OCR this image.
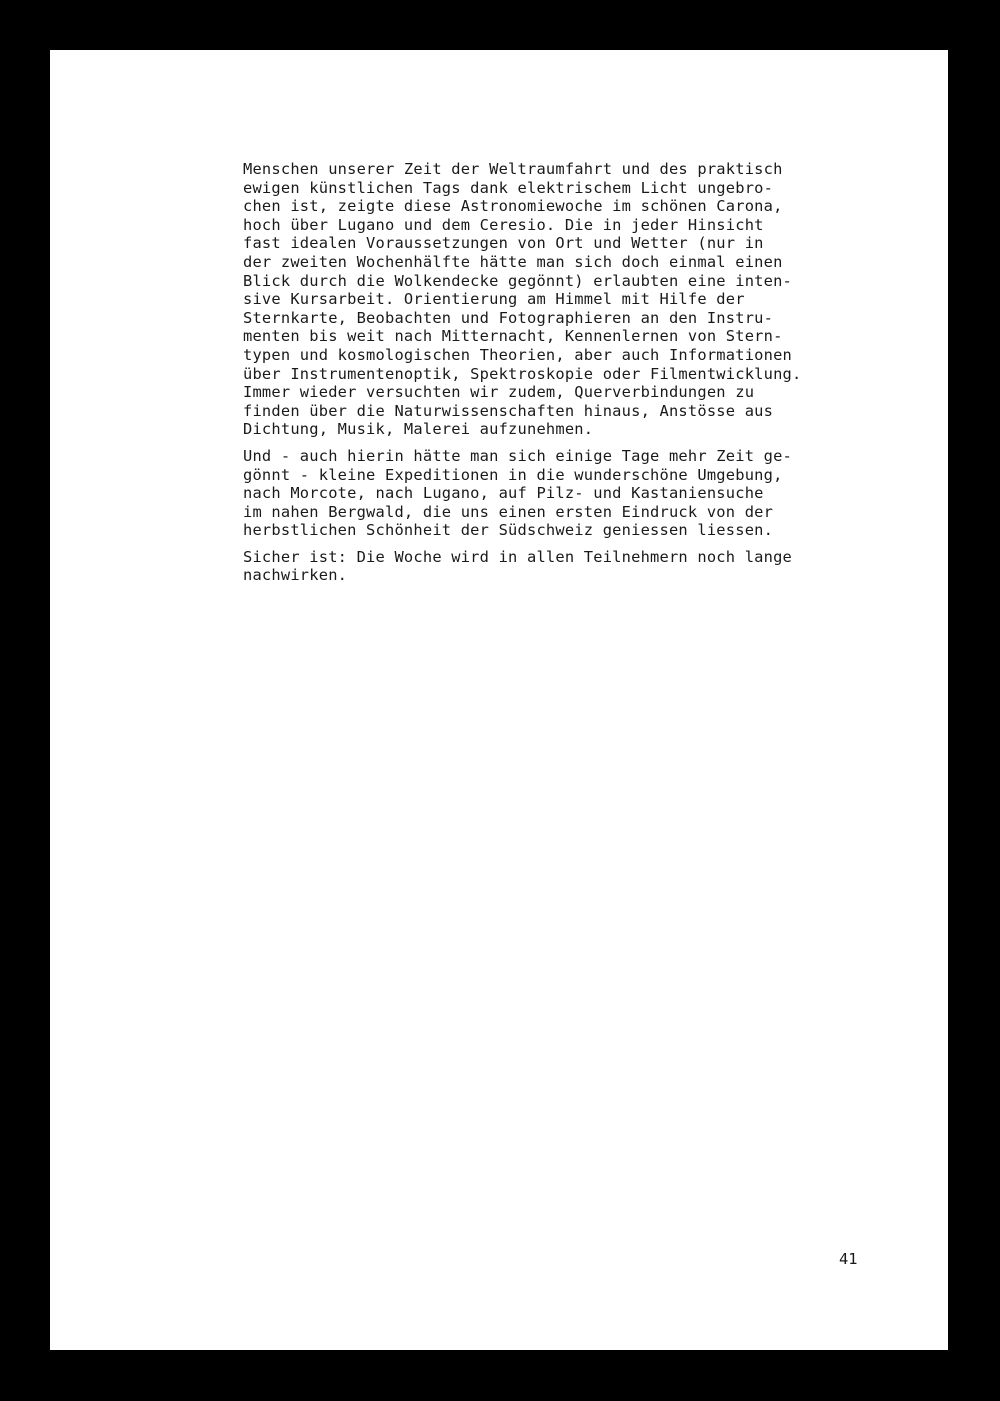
Menschen unserer Zeit der Weltraumfahrt und des praktisch
ewigen künstlichen Tags dank elektrischem Licht ungebro-
chen ist, zeigte diese Astronomiewoche im schönen Carona,
hoch über Lugano und dem Ceresio. Die in jeder Hinsicht
fast idealen Voraussetzungen von Ort und Wetter (nur in
der zweiten Wochenhälfte hätte man sich doch einmal einen
Blick durch die Wolkendecke gegönnt) erlaubten eine inten-
sive Kursarbeit. Orientierung am Himmel mit Hilfe der
Sternkarte, Beobachten und Fotographieren an den Instru-
menten bis weit nach Mitternacht, Kennenlernen von Stern-
typen und kosmologischen Theorien, aber auch Informationen
über Instrumentenoptik, Spektroskopie oder Filmentwicklung.
Immer wieder versuchten wir zudem, Querverbindungen zu
finden über die Naturwissenschaften hinaus, Anstösse aus
Dichtung, Musik, Malerei aufzunehmen.
Und - auch hierin hätte man sich einige Tage mehr Zeit ge-
gönnt - kleine Expeditionen in die wunderschöne Umgebung,
nach Morcote, nach Lugano, auf Pilz- und Kastaniensuche
im nahen Bergwald, die uns einen ersten Eindruck von der
herbstlichen Schönheit der Südschweiz geniessen liessen.
Sicher ist: Die Woche wird in allen Teilnehmern noch lange
nachwirken.
41
